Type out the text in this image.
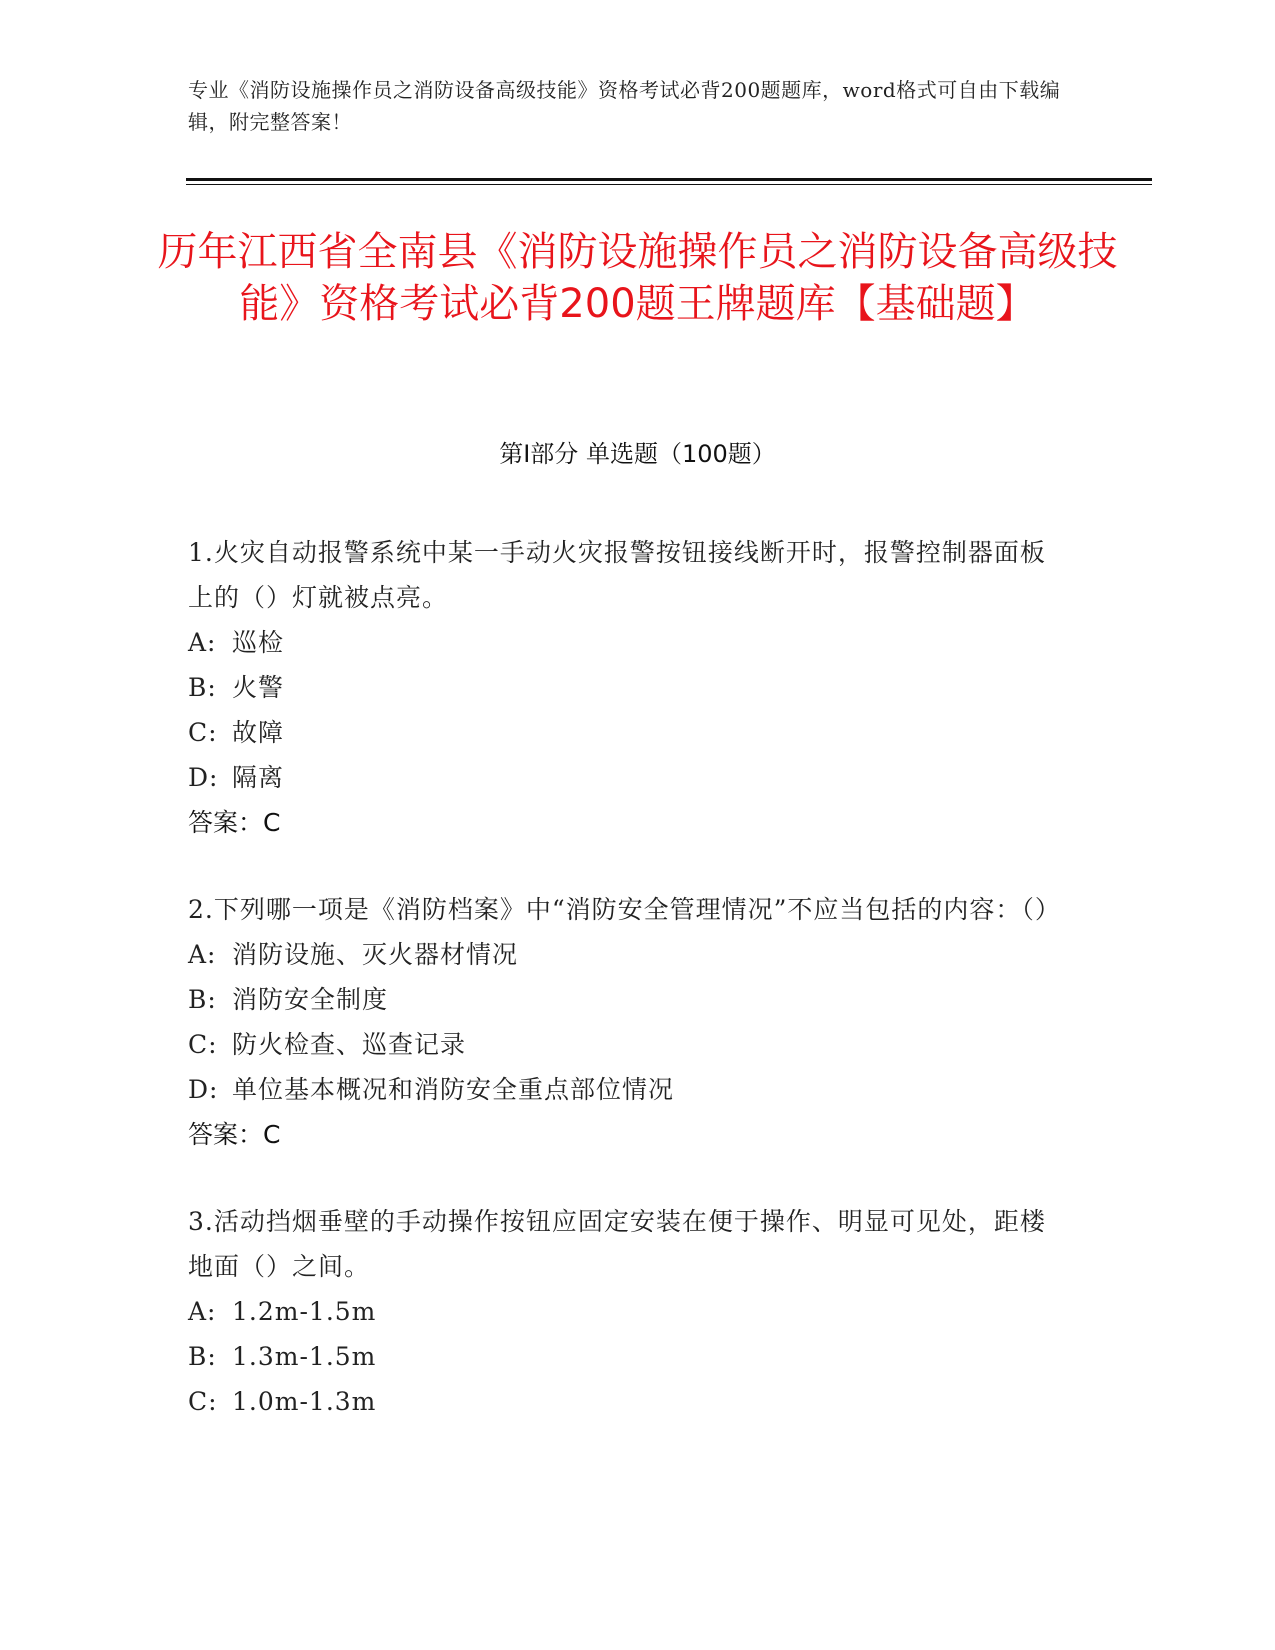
专业《消防设施操作员之消防设备高级技能》资格考试必背200题题库，word格式可自由下载编辑，附完整答案！
历年江西省全南县《消防设施操作员之消防设备高级技能》资格考试必背200题王牌题库【基础题】
第I部分 单选题（100题）
1.火灾自动报警系统中某一手动火灾报警按钮接线断开时，报警控制器面板上的（）灯就被点亮。
A: 巡检
B: 火警
C: 故障
D: 隔离
答案：C
2.下列哪一项是《消防档案》中“消防安全管理情况”不应当包括的内容：（）
A: 消防设施、灭火器材情况
B: 消防安全制度
C: 防火检查、巡查记录
D: 单位基本概况和消防安全重点部位情况
答案：C
3.活动挡烟垂壁的手动操作按钮应固定安装在便于操作、明显可见处，距楼地面（）之间。
A: 1.2m-1.5m
B: 1.3m-1.5m
C: 1.0m-1.3m
